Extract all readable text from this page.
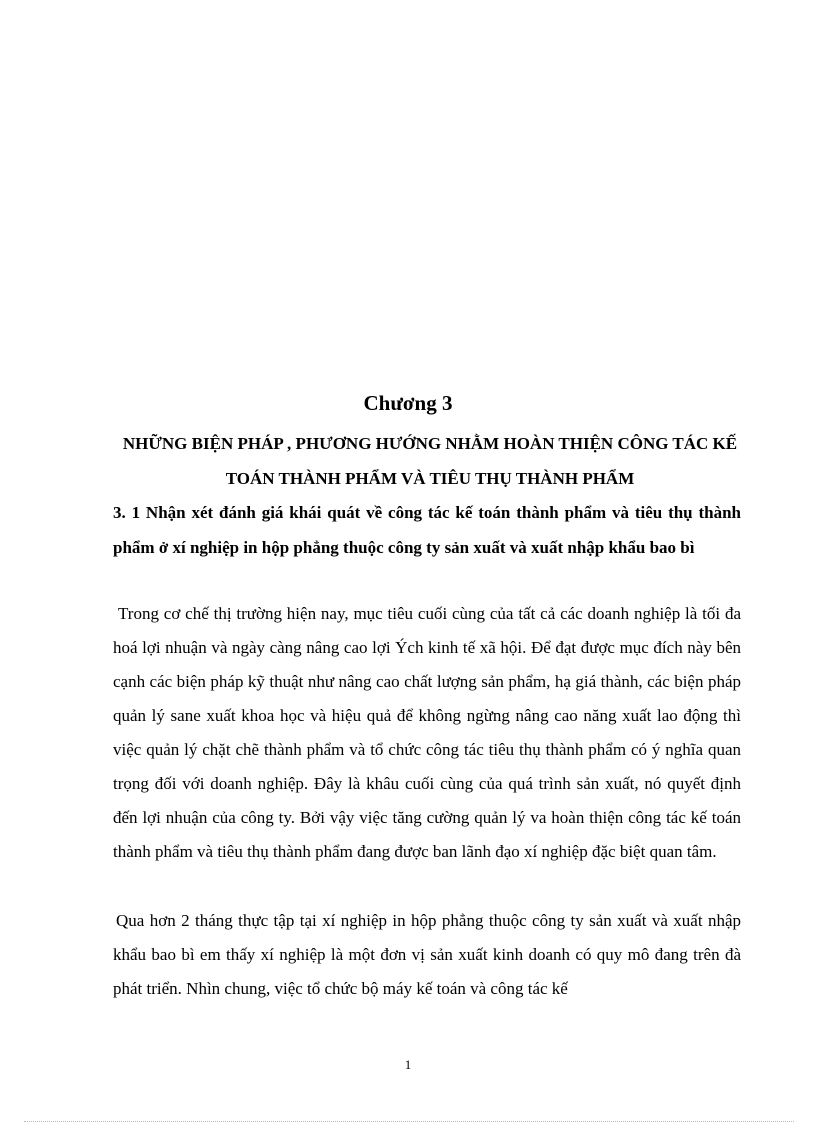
Chương 3
NHỮNG BIỆN PHÁP , PHƯƠNG HƯỚNG NHẰM HOÀN THIỆN CÔNG TÁC KẾ TOÁN THÀNH PHẨM VÀ TIÊU THỤ THÀNH PHẨM
3. 1 Nhận xét đánh giá khái quát về công tác kế toán thành phẩm và tiêu thụ thành phẩm ở xí nghiệp in hộp phẳng thuộc công ty sản xuất và xuất nhập khẩu bao bì

Trong cơ chế thị trường hiện nay, mục tiêu cuối cùng của tất cả các doanh nghiệp là tối đa hoá lợi nhuận và ngày càng nâng cao lợi Ých kinh tế xã hội. Để đạt được mục đích này bên cạnh các biện pháp kỹ thuật như nâng cao chất lượng sản phẩm, hạ giá thành, các biện pháp quản lý sane xuất khoa học và hiệu quả để không ngừng nâng cao năng xuất lao động thì việc quản lý chặt chẽ thành phẩm và tổ chức công tác tiêu thụ thành phẩm có ý nghĩa quan trọng đối với doanh nghiệp. Đây là khâu cuối cùng của quá trình sản xuất, nó quyết định đến lợi nhuận của công ty. Bởi vậy việc tăng cường quản lý va hoàn thiện công tác kế toán thành phẩm và tiêu thụ thành phẩm đang được ban lãnh đạo xí nghiệp đặc biệt quan tâm.

Qua hơn 2 tháng thực tập tại xí nghiệp in hộp phẳng thuộc công ty sản xuất và xuất nhập khẩu bao bì em thấy xí nghiệp là một đơn vị sản xuất kinh doanh có quy mô đang trên đà phát triển. Nhìn chung, việc tổ chức bộ máy kế toán và công tác kế

1
